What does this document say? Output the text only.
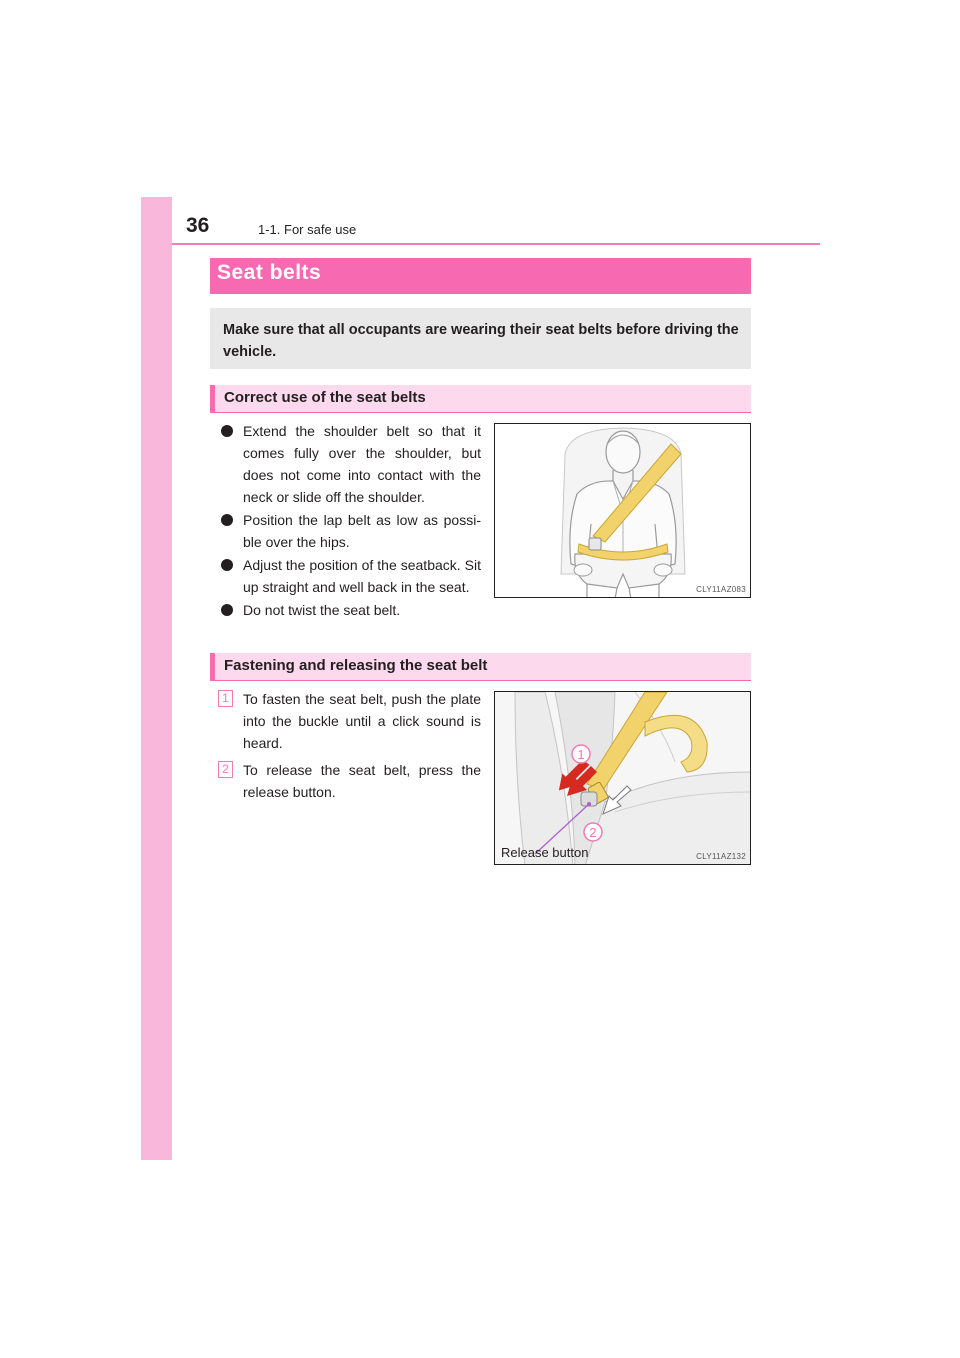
36	1-1. For safe use
Seat belts
Make sure that all occupants are wearing their seat belts before driving the vehicle.
Correct use of the seat belts
Extend the shoulder belt so that it comes fully over the shoulder, but does not come into contact with the neck or slide off the shoulder.
Position the lap belt as low as possi-ble over the hips.
Adjust the position of the seatback. Sit up straight and well back in the seat.
Do not twist the seat belt.
CLY11AZ083
Fastening and releasing the seat belt
1 To fasten the seat belt, push the plate into the buckle until a click sound is heard.
2 To release the seat belt, press the release button.
1
2
Release button	CLY11AZ132
